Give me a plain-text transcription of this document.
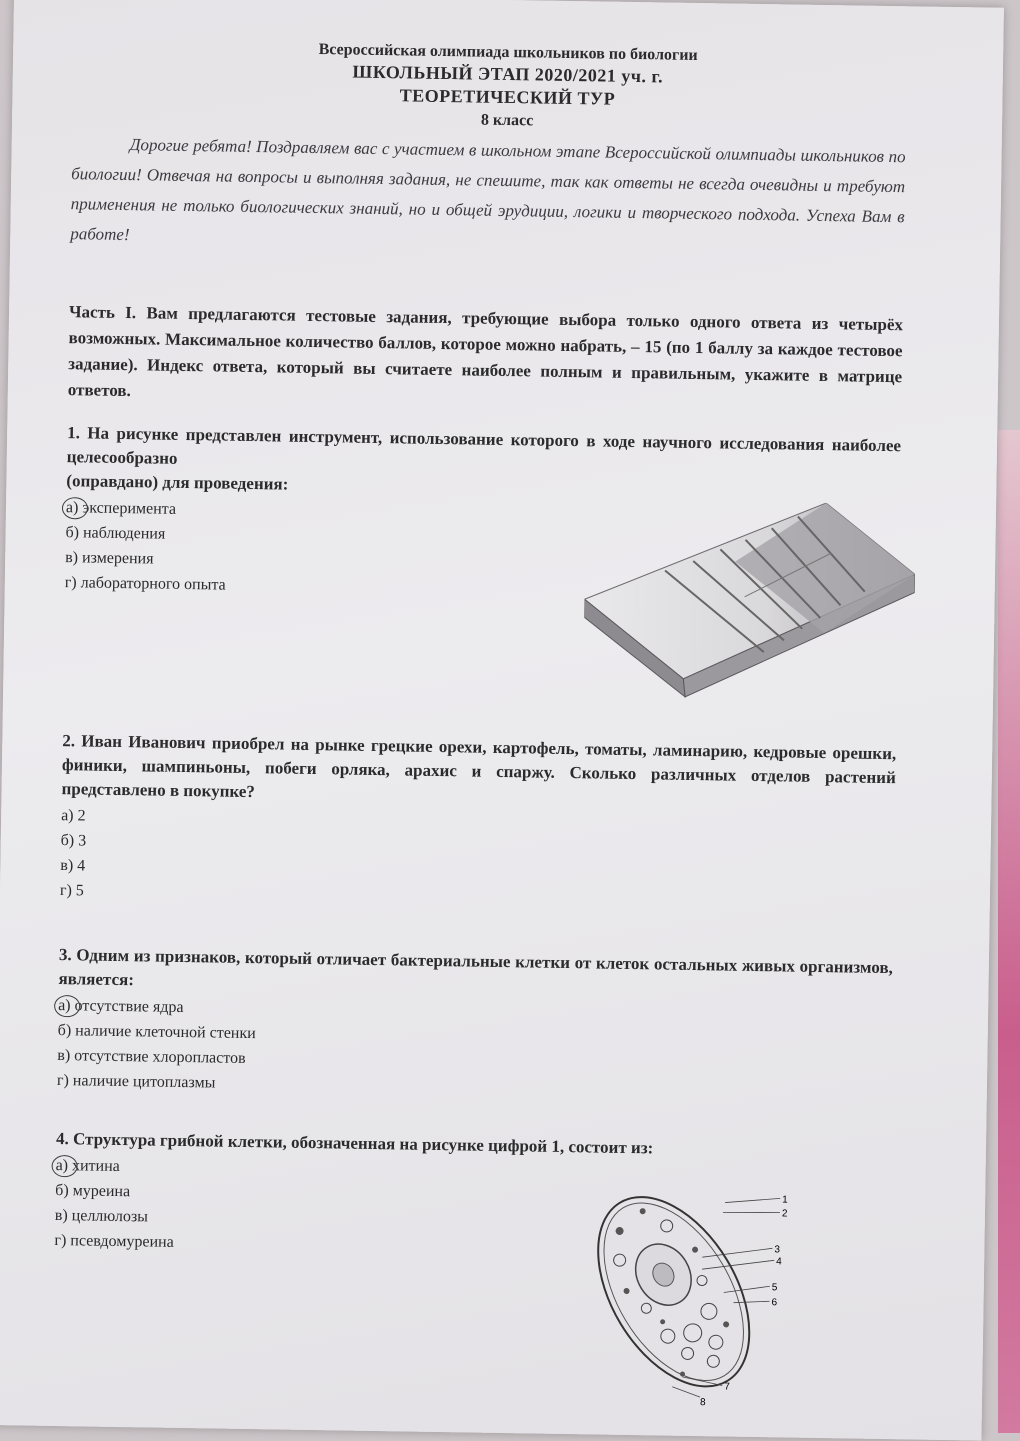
Всероссийская олимпиада школьников по биологии
ШКОЛЬНЫЙ ЭТАП 2020/2021 уч. г.
ТЕОРЕТИЧЕСКИЙ ТУР
8 класс

Дорогие ребята! Поздравляем вас с участием в школьном этапе Всероссийской олимпиады школьников по биологии! Отвечая на вопросы и выполняя задания, не спешите, так как ответы не всегда очевидны и требуют применения не только биологических знаний, но и общей эрудиции, логики и творческого подхода. Успеха Вам в работе!

Часть I. Вам предлагаются тестовые задания, требующие выбора только одного ответа из четырёх возможных. Максимальное количество баллов, которое можно набрать, – 15 (по 1 баллу за каждое тестовое задание). Индекс ответа, который вы считаете наиболее полным и правильным, укажите в матрице ответов.

1. На рисунке представлен инструмент, использование которого в ходе научного исследования наиболее целесообразно
(оправдано) для проведения:
а) эксперимента
б) наблюдения
в) измерения
г) лабораторного опыта
2. Иван Иванович приобрел на рынке грецкие орехи, картофель, томаты, ламинарию, кедровые орешки, финики, шампиньоны, побеги орляка, арахис и спаржу. Сколько различных отделов растений представлено в покупке?
а) 2
б) 3
в) 4
г) 5
3. Одним из признаков, который отличает бактериальные клетки от клеток остальных живых организмов, является:
а) отсутствие ядра
б) наличие клеточной стенки
в) отсутствие хлоропластов
г) наличие цитоплазмы
4. Структура грибной клетки, обозначенная на рисунке цифрой 1, состоит из:
а) хитина
б) муреина
в) целлюлозы
г) псевдомуреина
1
2
3
4
5
6
7
8
